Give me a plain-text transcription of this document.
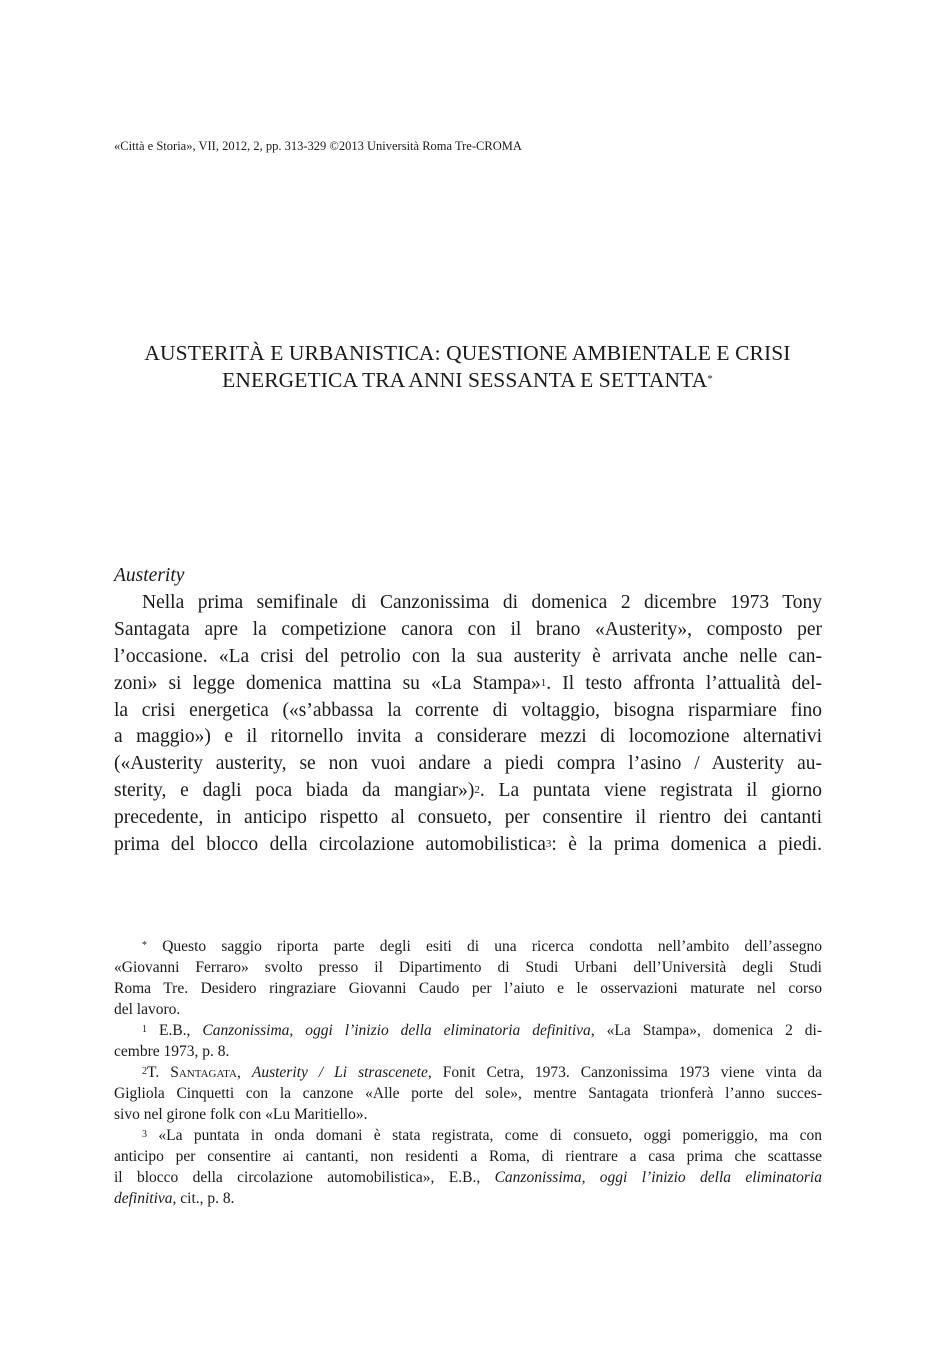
«Città e Storia», VII, 2012, 2, pp. 313-329 ©2013 Università Roma Tre-CROMA
AUSTERITÀ E URBANISTICA: QUESTIONE AMBIENTALE E CRISI
ENERGETICA TRA ANNI SESSANTA E SETTANTA*
Austerity
Nella prima semifinale di Canzonissima di domenica 2 dicembre 1973 Tony
Santagata apre la competizione canora con il brano «Austerity», composto per
l’occasione. «La crisi del petrolio con la sua austerity è arrivata anche nelle can-
zoni» si legge domenica mattina su «La Stampa»$^1$. Il testo affronta l’attualità del-
la crisi energetica («s’abbassa la corrente di voltaggio, bisogna risparmiare fino
a maggio») e il ritornello invita a considerare mezzi di locomozione alternativi
(«Austerity austerity, se non vuoi andare a piedi compra l’asino / Austerity au-
sterity, e dagli poca biada da mangiar»)$^2$. La puntata viene registrata il giorno
precedente, in anticipo rispetto al consueto, per consentire il rientro dei cantanti
prima del blocco della circolazione automobilistica$^3$: è la prima domenica a piedi.
* Questo saggio riporta parte degli esiti di una ricerca condotta nell’ambito dell’assegno
«Giovanni Ferraro» svolto presso il Dipartimento di Studi Urbani dell’Università degli Studi
Roma Tre. Desidero ringraziare Giovanni Caudo per l’aiuto e le osservazioni maturate nel corso
del lavoro.
$^1$ E.B., Canzonissima, oggi l’inizio della eliminatoria definitiva, «La Stampa», domenica 2 di-
cembre 1973, p. 8.
$^2$T. Santagata, Austerity / Li strascenete, Fonit Cetra, 1973. Canzonissima 1973 viene vinta da
Gigliola Cinquetti con la canzone «Alle porte del sole», mentre Santagata trionferà l’anno succes-
sivo nel girone folk con «Lu Maritiello».
$^3$ «La puntata in onda domani è stata registrata, come di consueto, oggi pomeriggio, ma con
anticipo per consentire ai cantanti, non residenti a Roma, di rientrare a casa prima che scattasse
il blocco della circolazione automobilistica», E.B., Canzonissima, oggi l’inizio della eliminatoria
definitiva, cit., p. 8.
